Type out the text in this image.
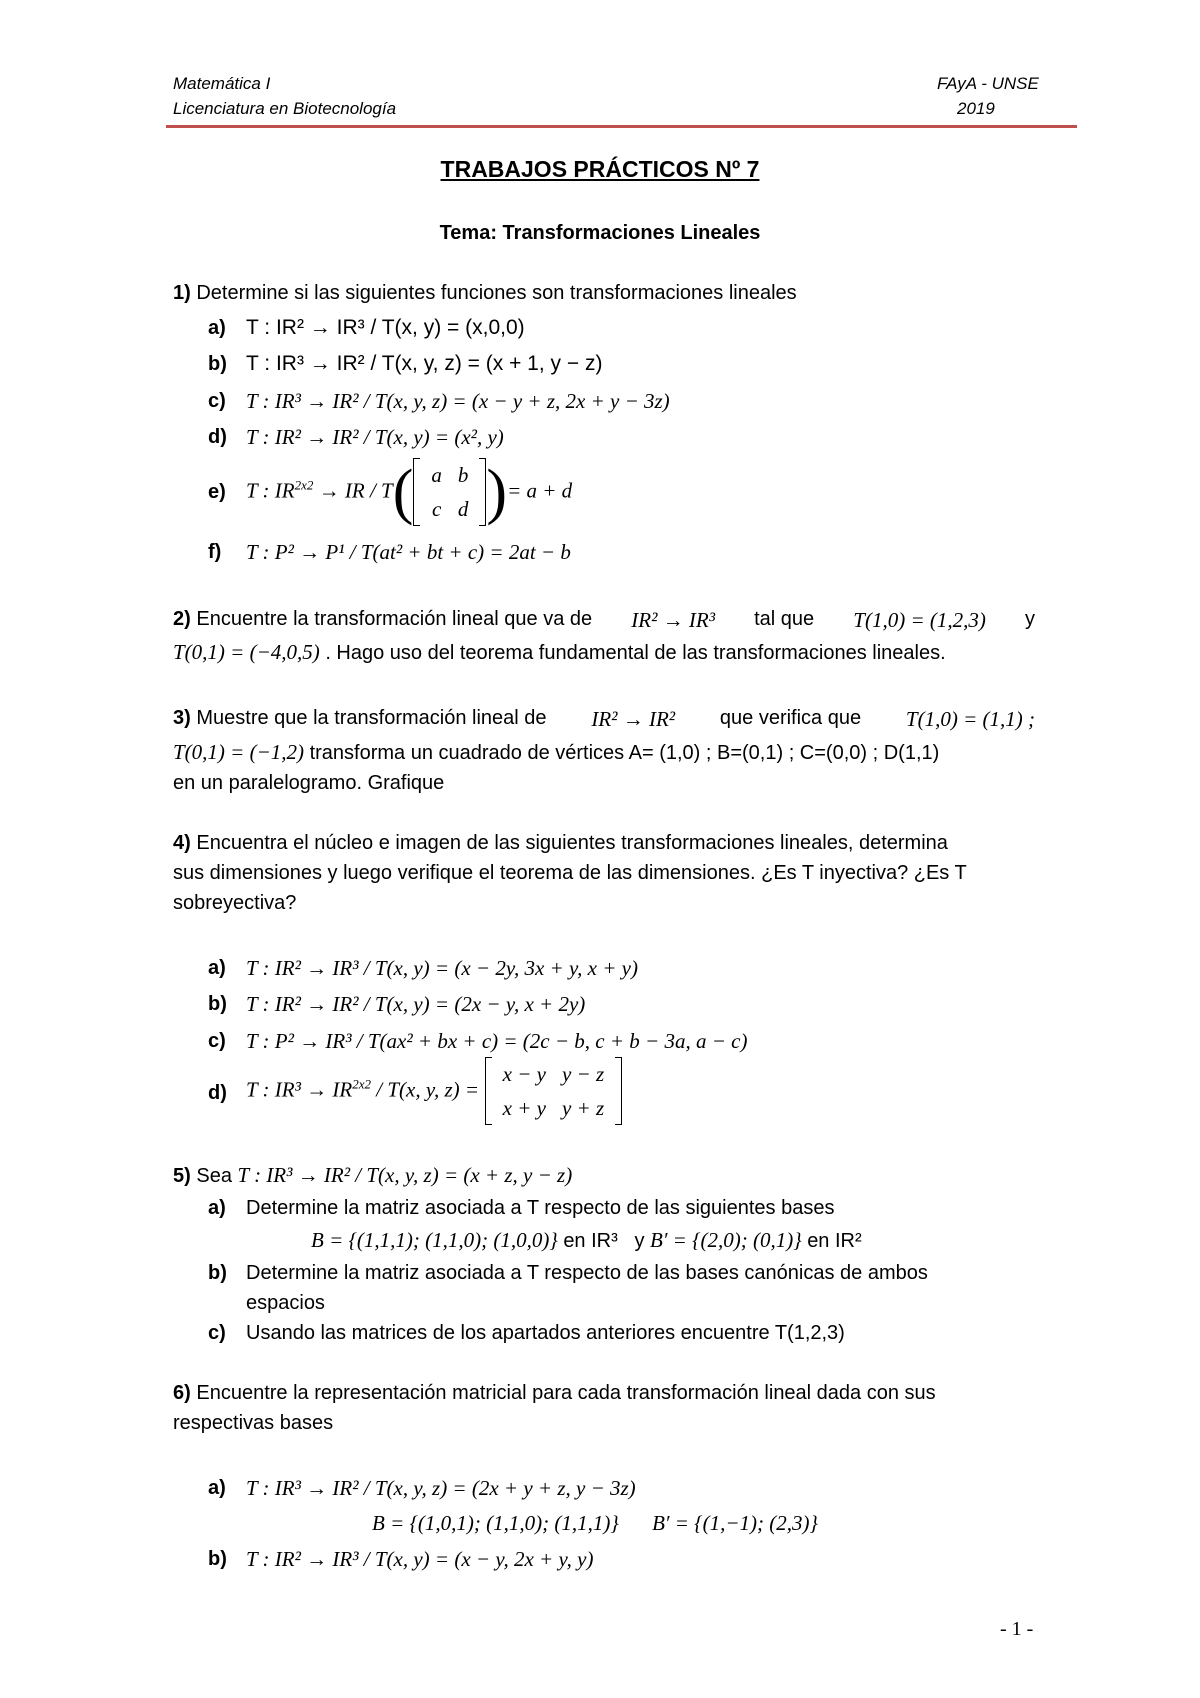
Matemática I
Licenciatura en Biotecnología
FAyA - UNSE
2019
TRABAJOS PRÁCTICOS Nº 7
Tema: Transformaciones Lineales
1) Determine si las siguientes funciones son transformaciones lineales
a) T : IR² → IR³ / T(x, y) = (x,0,0)
b) T : IR³ → IR² / T(x, y, z) = (x + 1, y − z)
c) T : IR³ → IR² / T(x, y, z) = (x − y + z, 2x + y − 3z)
d) T : IR² → IR² / T(x, y) = (x², y)
e) T : $IR^{2x2}$ → IR / T( a	b
c	d )= a + d
f) T : P² → P¹ / T(at² + bt + c) = 2at − b
2) Encuentre la transformación lineal que va de IR² → IR³ tal que T(1,0) = (1,2,3) y
T(0,1) = (−4,0,5) . Hago uso del teorema fundamental de las transformaciones lineales.
3) Muestre que la transformación lineal de IR² → IR² que verifica que T(1,0) = (1,1) ;
T(0,1) = (−1,2) transforma un cuadrado de vértices A= (1,0) ; B=(0,1) ; C=(0,0) ; D(1,1)
en un paralelogramo. Grafique
4) Encuentra el núcleo e imagen de las siguientes transformaciones lineales, determina
sus dimensiones y luego verifique el teorema de las dimensiones. ¿Es T inyectiva? ¿Es T
sobreyectiva?
a) T : IR² → IR³ / T(x, y) = (x − 2y, 3x + y, x + y)
b) T : IR² → IR² / T(x, y) = (2x − y, x + 2y)
c) T : P² → IR³ / T(ax² + bx + c) = (2c − b, c + b − 3a, a − c)
d) T : $IR^3 \to IR^{2x2} / T(x$, y, z) =
x − y	y − z
x + y	y + z
5) Sea T : IR³ → IR² / T(x, y, z) = (x + z, y − z)
a) Determine la matriz asociada a T respecto de las siguientes bases
B = {(1,1,1); (1,1,0); (1,0,0)} en IR³ y B′ = {(2,0); (0,1)} en IR²
b) Determine la matriz asociada a T respecto de las bases canónicas de ambos
espacios
c) Usando las matrices de los apartados anteriores encuentre T(1,2,3)
6) Encuentre la representación matricial para cada transformación lineal dada con sus
respectivas bases
a) T : IR³ → IR² / T(x, y, z) = (2x + y + z, y − 3z)
B = {(1,0,1); (1,1,0); (1,1,1)} B′ = {(1,−1); (2,3)}
b) T : IR² → IR³ / T(x, y) = (x − y, 2x + y, y)
- 1 -
